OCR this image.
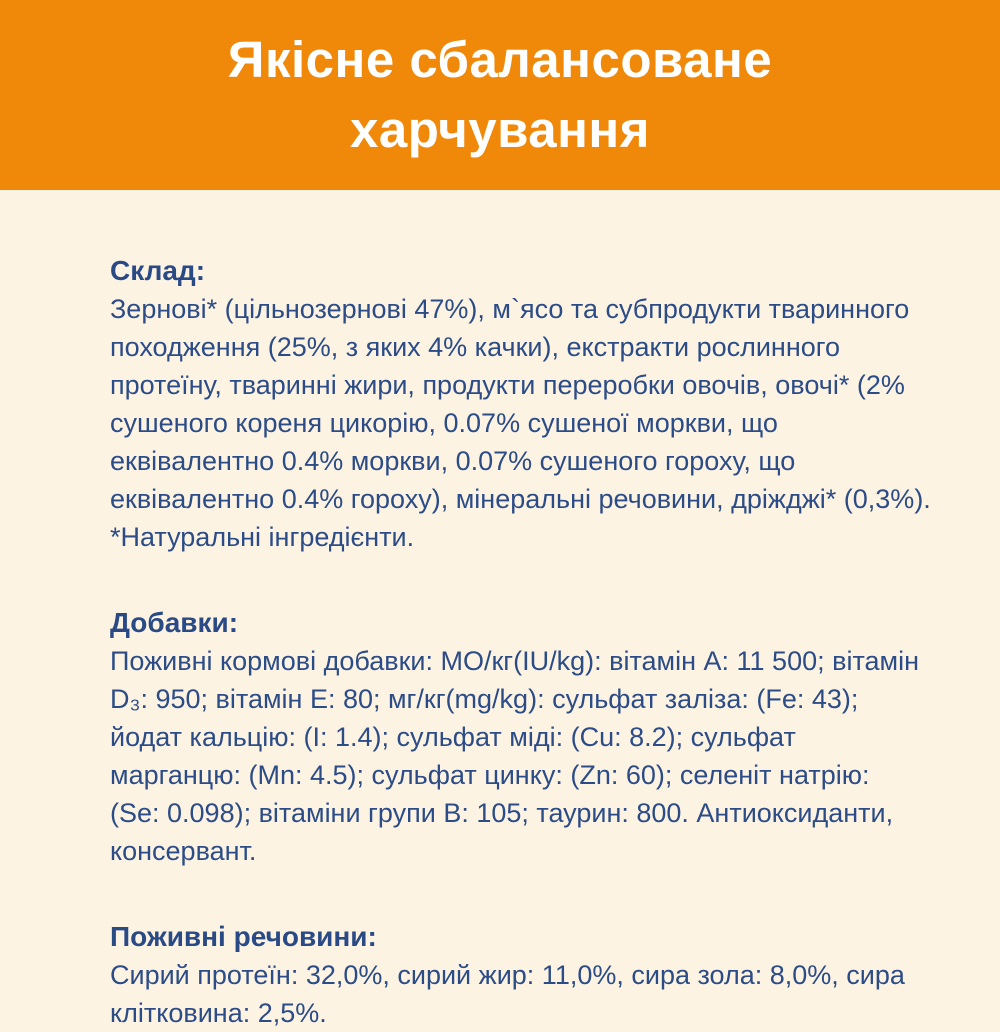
Якісне сбалансоване харчування
Склад:
Зернові* (цільнозернові 47%), м`ясо та субпродукти тваринного
походження (25%, з яких 4% качки), екстракти рослинного
протеїну, тваринні жири, продукти переробки овочів, овочі* (2%
сушеного кореня цикорію, 0.07% сушеної моркви, що
еквівалентно 0.4% моркви, 0.07% сушеного гороху, що
еквівалентно 0.4% гороху), мінеральні речовини, дріжджі* (0,3%).
*Натуральні інгредієнти.
Добавки:
Поживні кормові добавки: МО/кг(IU/kg): вітамін А: 11 500; вітамін
D₃: 950; вітамін Е: 80; мг/кг(mg/kg): сульфат заліза: (Fe: 43);
йодат кальцію: (I: 1.4); сульфат міді: (Cu: 8.2); сульфат
марганцю: (Mn: 4.5); сульфат цинку: (Zn: 60); селеніт натрію:
(Se: 0.098); вітаміни групи В: 105; таурин: 800. Антиоксиданти,
консервант.
Поживні речовини:
Сирий протеїн: 32,0%, сирий жир: 11,0%, сира зола: 8,0%, сира
клітковина: 2,5%.
